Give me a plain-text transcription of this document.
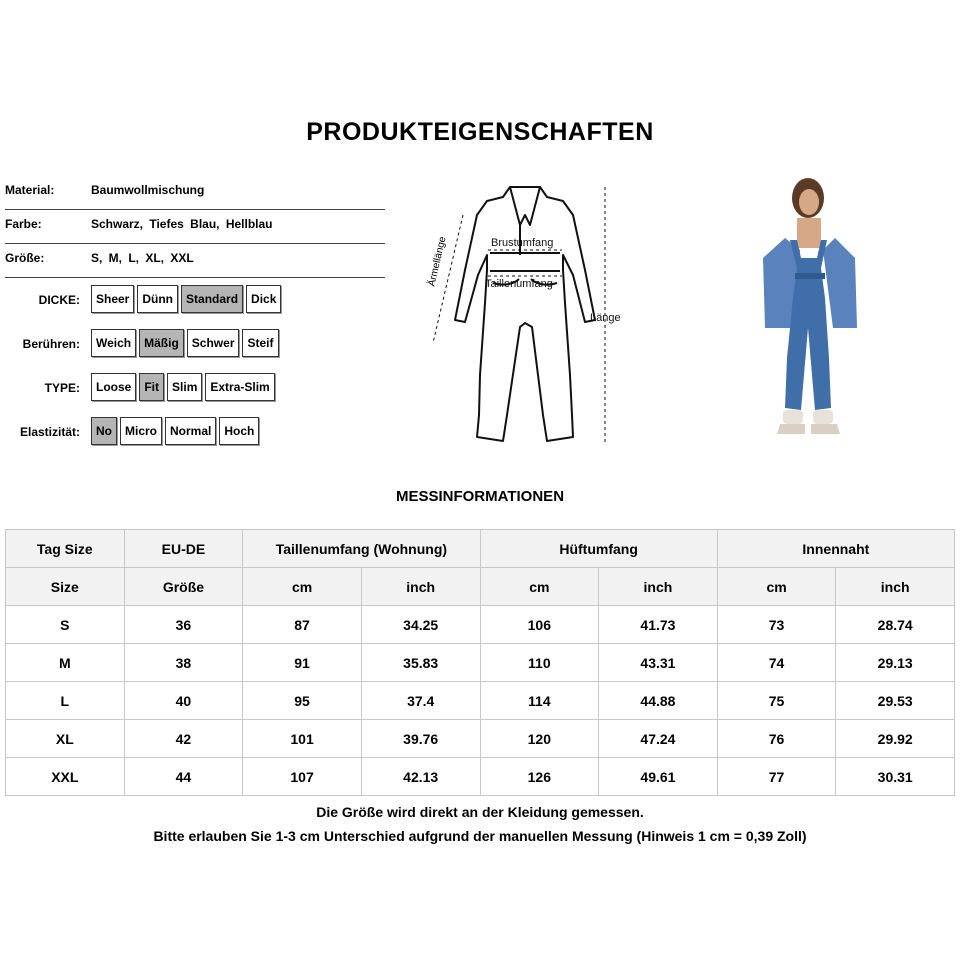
PRODUKTEIGENSCHAFTEN
Material:	Baumwollmischung
Farbe:	Schwarz, Tiefes Blau, Hellblau
Größe:	S, M, L, XL, XXL
DICKE:	Sheer	Dünn	Standard	Dick
Berühren:	Weich	Mäßig	Schwer	Steif
TYPE:	Loose	Fit	Slim	Extra-Slim
Elastizität:	No	Micro	Normal	Hoch
Ärmellänge	Brustumfang
Taillenumfang
Länge
MESSINFORMATIONEN
Tag Size	EU-DE	Taillenumfang (Wohnung)		Hüftumfang		Innennaht	
Size	Größe	cm	inch	cm	inch	cm	inch
S	36	87	34.25	106	41.73	73	28.74
M	38	91	35.83	110	43.31	74	29.13
L	40	95	37.4	114	44.88	75	29.53
XL	42	101	39.76	120	47.24	76	29.92
XXL	44	107	42.13	126	49.61	77	30.31
Die Größe wird direkt an der Kleidung gemessen.
Bitte erlauben Sie 1-3 cm Unterschied aufgrund der manuellen Messung (Hinweis 1 cm = 0,39 Zoll)
